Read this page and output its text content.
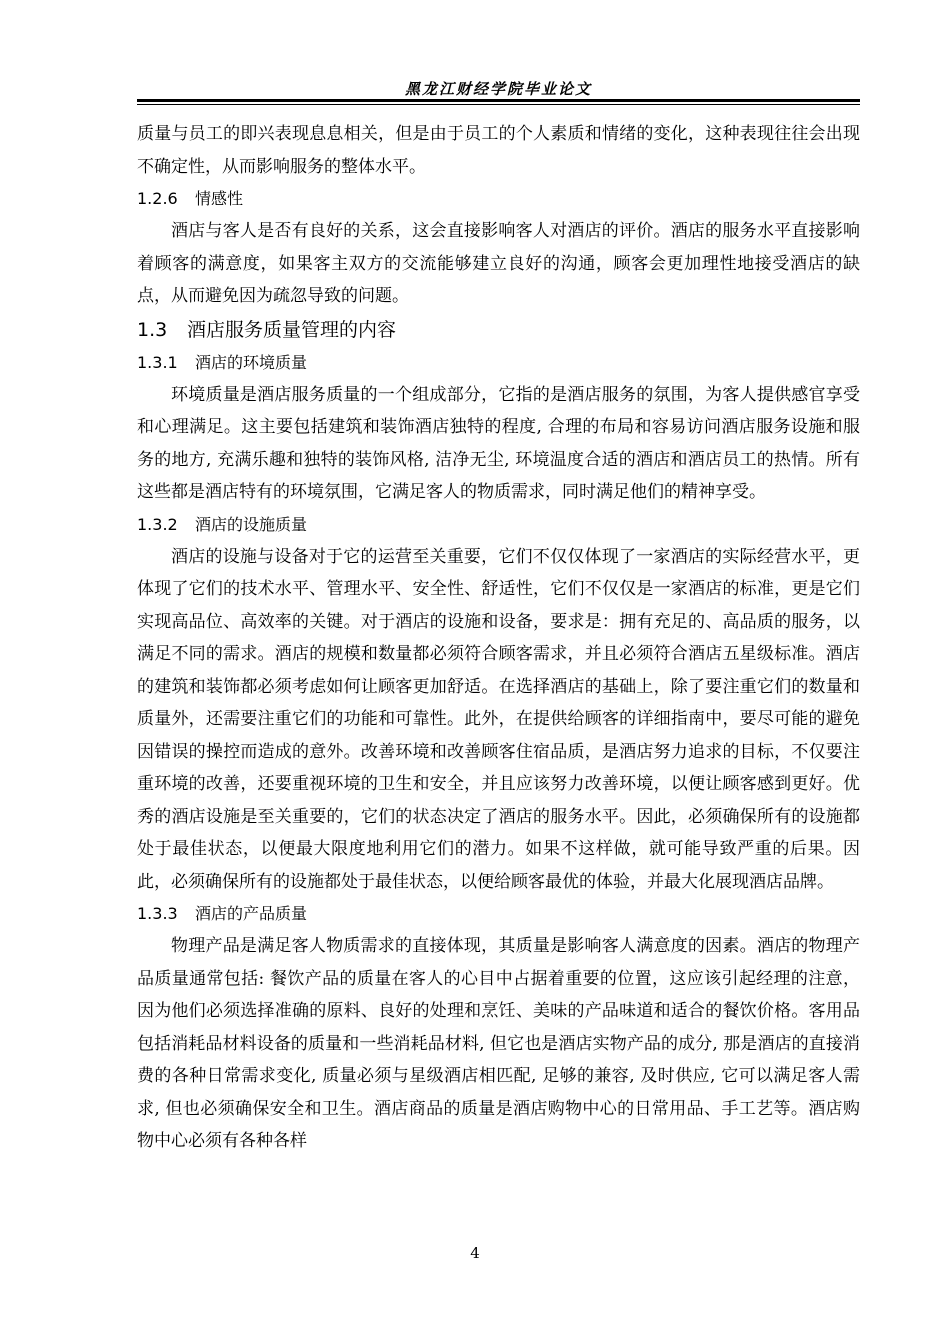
黑龙江财经学院毕业论文

质量与员工的即兴表现息息相关，但是由于员工的个人素质和情绪的变化，这种表现往往会出现不确定性，从而影响服务的整体水平。

1.2.6 情感性

酒店与客人是否有良好的关系，这会直接影响客人对酒店的评价。酒店的服务水平直接影响着顾客的满意度，如果客主双方的交流能够建立良好的沟通，顾客会更加理性地接受酒店的缺点，从而避免因为疏忽导致的问题。

1.3 酒店服务质量管理的内容
1.3.1 酒店的环境质量

环境质量是酒店服务质量的一个组成部分，它指的是酒店服务的氛围，为客人提供感官享受和心理满足。这主要包括建筑和装饰酒店独特的程度, 合理的布局和容易访问酒店服务设施和服务的地方, 充满乐趣和独特的装饰风格, 洁净无尘, 环境温度合适的酒店和酒店员工的热情。所有这些都是酒店特有的环境氛围，它满足客人的物质需求，同时满足他们的精神享受。

1.3.2 酒店的设施质量

酒店的设施与设备对于它的运营至关重要，它们不仅仅体现了一家酒店的实际经营水平，更体现了它们的技术水平、管理水平、安全性、舒适性，它们不仅仅是一家酒店的标准，更是它们实现高品位、高效率的关键。对于酒店的设施和设备，要求是：拥有充足的、高品质的服务，以满足不同的需求。酒店的规模和数量都必须符合顾客需求，并且必须符合酒店五星级标准。酒店的建筑和装饰都必须考虑如何让顾客更加舒适。在选择酒店的基础上，除了要注重它们的数量和质量外，还需要注重它们的功能和可靠性。此外，在提供给顾客的详细指南中，要尽可能的避免因错误的操控而造成的意外。改善环境和改善顾客住宿品质，是酒店努力追求的目标，不仅要注重环境的改善，还要重视环境的卫生和安全，并且应该努力改善环境，以便让顾客感到更好。优秀的酒店设施是至关重要的，它们的状态决定了酒店的服务水平。因此，必须确保所有的设施都处于最佳状态，以便最大限度地利用它们的潜力。如果不这样做，就可能导致严重的后果。因此，必须确保所有的设施都处于最佳状态，以便给顾客最优的体验，并最大化展现酒店品牌。

1.3.3 酒店的产品质量

物理产品是满足客人物质需求的直接体现，其质量是影响客人满意度的因素。酒店的物理产品质量通常包括: 餐饮产品的质量在客人的心目中占据着重要的位置，这应该引起经理的注意，因为他们必须选择准确的原料、良好的处理和烹饪、美味的产品味道和适合的餐饮价格。客用品包括消耗品材料设备的质量和一些消耗品材料, 但它也是酒店实物产品的成分, 那是酒店的直接消费的各种日常需求变化, 质量必须与星级酒店相匹配, 足够的兼容, 及时供应, 它可以满足客人需求, 但也必须确保安全和卫生。酒店商品的质量是酒店购物中心的日常用品、手工艺等。酒店购物中心必须有各种各样

4
